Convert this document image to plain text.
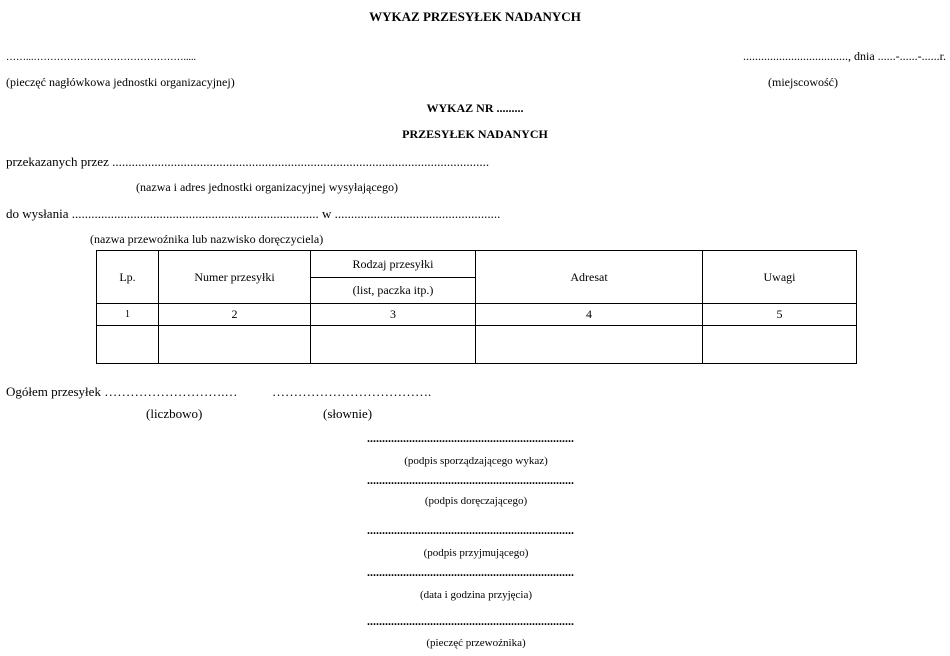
WYKAZ PRZESYŁEK NADANYCH
……...……………………………………….....	..................................., dnia ......-......-......r.
(pieczęć nagłówkowa jednostki organizacyjnej)	(miejscowość)
WYKAZ NR .........
PRZESYŁEK NADANYCH
przekazanych przez ....................................................................................................................
(nazwa i adres jednostki organizacyjnej wysyłającego)
do wysłania ............................................................................ w ...................................................
(nazwa przewoźnika lub nazwisko doręczyciela)
Lp.	Numer przesyłki	Rodzaj przesyłki	Adresat	Uwagi
		(list, paczka itp.)		
1	2	3	4	5

Ogółem przesyłek ……………………….…	……………………………….
(liczbowo)	(słownie)
.....................................................................
(podpis sporządzającego wykaz)
.....................................................................
(podpis doręczającego)
.....................................................................
(podpis przyjmującego)
.....................................................................
(data i godzina przyjęcia)
.....................................................................
(pieczęć przewoźnika)
